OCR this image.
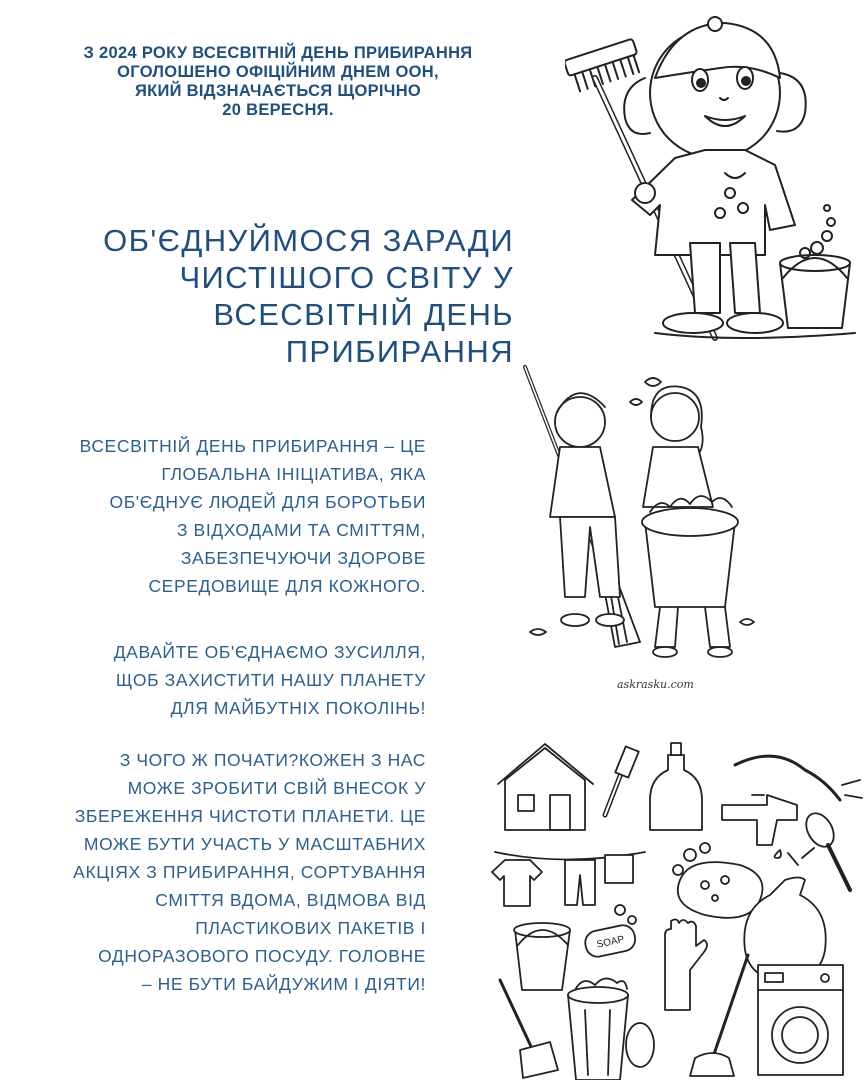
З 2024 РОКУ ВСЕСВІТНІЙ ДЕНЬ ПРИБИРАННЯ
ОГОЛОШЕНО ОФІЦІЙНИМ ДНЕМ ООН,
ЯКИЙ ВІДЗНАЧАЄТЬСЯ ЩОРІЧНО
20 ВЕРЕСНЯ.
ОБ'ЄДНУЙМОСЯ ЗАРАДИ
ЧИСТІШОГО СВІТУ У
ВСЕСВІТНІЙ ДЕНЬ
ПРИБИРАННЯ
ВСЕСВІТНІЙ ДЕНЬ ПРИБИРАННЯ – ЦЕ
ГЛОБАЛЬНА ІНІЦІАТИВА, ЯКА
ОБ'ЄДНУЄ ЛЮДЕЙ ДЛЯ БОРОТЬБИ
З ВІДХОДАМИ ТА СМІТТЯМ,
ЗАБЕЗПЕЧУЮЧИ ЗДОРОВЕ
СЕРЕДОВИЩЕ ДЛЯ КОЖНОГО.
ДАВАЙТЕ ОБ'ЄДНАЄМО ЗУСИЛЛЯ,
ЩОБ ЗАХИСТИТИ НАШУ ПЛАНЕТУ
ДЛЯ МАЙБУТНІХ ПОКОЛІНЬ!
З ЧОГО Ж ПОЧАТИ?КОЖЕН З НАС
МОЖЕ ЗРОБИТИ СВІЙ ВНЕСОК У
ЗБЕРЕЖЕННЯ ЧИСТОТИ ПЛАНЕТИ. ЦЕ
МОЖЕ БУТИ УЧАСТЬ У МАСШТАБНИХ
АКЦІЯХ З ПРИБИРАННЯ, СОРТУВАННЯ
СМІТТЯ ВДОМА, ВІДМОВА ВІД
ПЛАСТИКОВИХ ПАКЕТІВ І
ОДНОРАЗОВОГО ПОСУДУ. ГОЛОВНЕ
– НЕ БУТИ БАЙДУЖИМ І ДІЯТИ!
askrasku.com
SOAP
